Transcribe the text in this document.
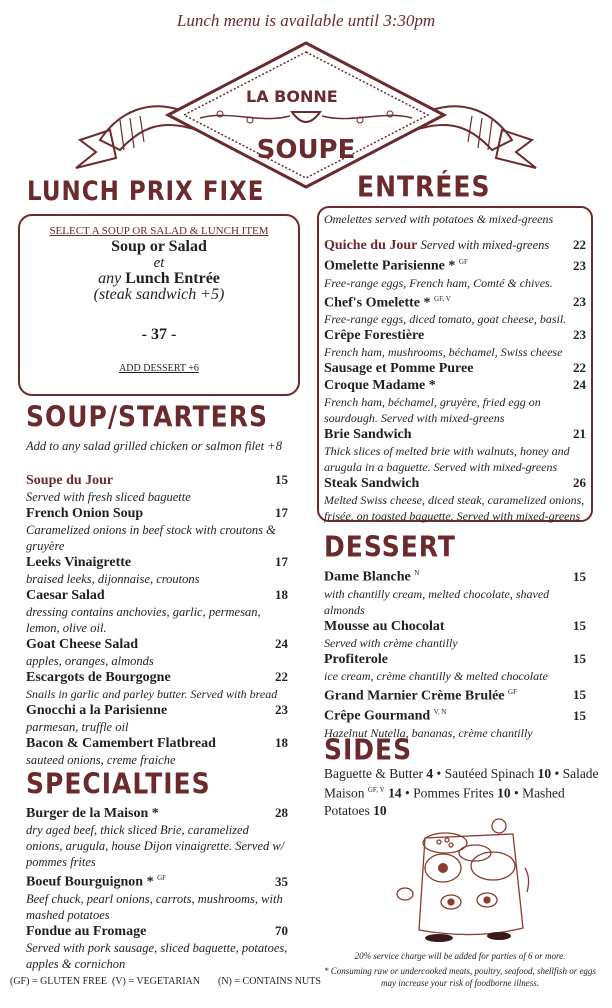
Lunch menu is available until 3:30pm
LA BONNE
SOUPE
LUNCH PRIX FIXE
SELECT A SOUP OR SALAD & LUNCH ITEM
Soup or Salad
et
any Lunch Entrée
(steak sandwich +5)
- 37 -
ADD DESSERT +6
SOUP/STARTERS
Add to any salad grilled chicken or salmon filet +8
Soupe du Jour	15
Served with fresh sliced baguette
French Onion Soup	17
Caramelized onions in beef stock with croutons & gruyère
Leeks Vinaigrette	17
braised leeks, dijonnaise, croutons
Caesar Salad	18
dressing contains anchovies, garlic, permesan, lemon, olive oil.
Goat Cheese Salad	24
apples, oranges, almonds
Escargots de Bourgogne	22
Snails in garlic and parley butter. Served with bread
Gnocchi a la Parisienne	23
parmesan, truffle oil
Bacon & Camembert Flatbread	18
sauteed onions, creme fraiche
SPECIALTIES
Burger de la Maison *	28
dry aged beef, thick sliced Brie, caramelized onions, arugula, house Dijon vinaigrette. Served w/ pommes frites
Boeuf Bourguignon * $^{GF}$	35
Beef chuck, pearl onions, carrots, mushrooms, with mashed potatoes
Fondue au Fromage	70
Served with pork sausage, sliced baguette, potatoes, apples & cornichon
ENTRÉES
Omelettes served with potatoes & mixed-greens
Quiche du Jour Served with mixed-greens 22
Omelette Parisienne * $^{GF}$	23
Free-range eggs, French ham, Comté & chives.
Chef's Omelette * $^{GF, V}$	23
Free-range eggs, diced tomato, goat cheese, basil.
Crêpe Forestière	23
French ham, mushrooms, béchamel, Swiss cheese
Sausage et Pomme Puree	22
Croque Madame *	24
French ham, béchamel, gruyère, fried egg on sourdough. Served with mixed-greens
Brie Sandwich	21
Thick slices of melted brie with walnuts, honey and arugula in a baguette. Served with mixed-greens
Steak Sandwich	26
Melted Swiss cheese, diced steak, caramelized onions, frisée, on toasted baguette. Served with mixed-greens
DESSERT
Dame Blanche $^N$	15
with chantilly cream, melted chocolate, shaved almonds
Mousse au Chocolat	15
Served with crème chantilly
Profiterole	15
ice cream, crème chantilly & melted chocolate
Grand Marnier Crème Brulée $^{GF}$	15
Crêpe Gourmand $^{V, N}$	15
Hazelnut Nutella, bananas, crème chantilly
SIDES
Baguette & Butter 4 • Sautéed Spinach 10 • Salade Maison $^{GF, V}$ 14 • Pommes Frites 10 • Mashed Potatoes 10
20% service charge will be added for parties of 6 or more.
* Consuming raw or undercooked meats, poultry, seafood, shellfish or eggs
may increase your risk of foodborne illness.
(GF) = GLUTEN FREE (V) = VEGETARIAN	(N) = CONTAINS NUTS
